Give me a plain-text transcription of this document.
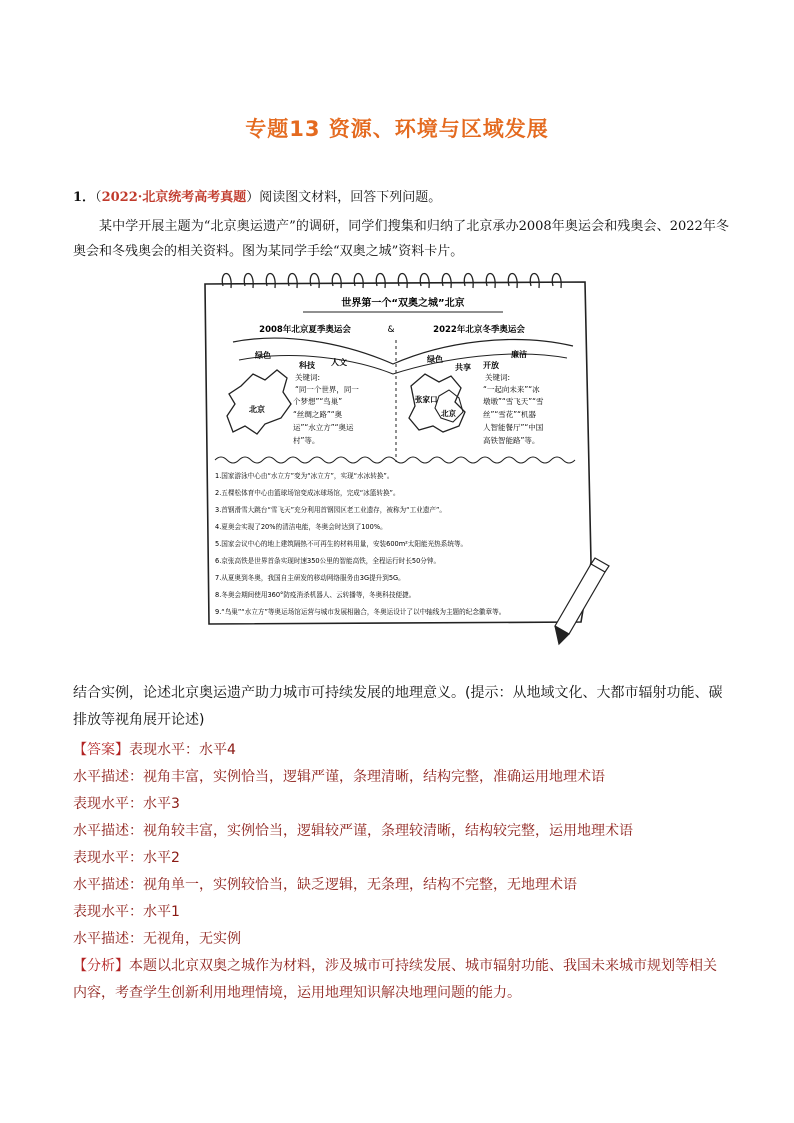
专题13 资源、环境与区域发展
1．（2022·北京统考高考真题）阅读图文材料，回答下列问题。
某中学开展主题为“北京奥运遗产”的调研，同学们搜集和归纳了北京承办2008年奥运会和残奥会、2022年冬奥会和冬残奥会的相关资料。图为某同学手绘“双奥之城”资料卡片。
世界第一个“双奥之城”北京
2008年北京夏季奥运会	&	2022年北京冬季奥运会
绿色
科技 人文	绿色
共享 开放
廉洁
北京
关键词:
“同一个世界，同一
个梦想”“鸟巢”
“丝绸之路”“奥
运”“水立方”“奥运
村”等。
张家口
北京
关键词:
“一起向未来”“冰
墩墩”“雪飞天”“雪
丝”“雪花”“机器
人智能餐厅”“中国
高铁智能路”等。
1.国家游泳中心由“水立方”变为“冰立方”，实现“水冰转换”。
2.五棵松体育中心由篮球场馆变成冰球场馆，完成“冰篮转换”。
3.首钢滑雪大跳台“雪飞天”充分利用首钢园区老工业遗存，被称为“工业遗产”。
4.夏奥会实现了20%的清洁电能，冬奥会时达到了100%。
5.国家会议中心的地上建筑隔热不可再生的材料用量，安装600m²太阳能光热系统等。
6.京张高铁是世界首条实现时速350公里的智能高铁，全程运行时长50分钟。
7.从夏奥到冬奥，我国自主研发的移动网络服务由3G提升到5G。
8.冬奥会期间使用360°防疫消杀机器人、云转播等，冬奥科技便捷。
9.“鸟巢”“水立方”等奥运场馆运营与城市发展相融合，冬奥运设计了以中轴线为主题的纪念徽章等。
结合实例，论述北京奥运遗产助力城市可持续发展的地理意义。(提示：从地域文化、大都市辐射功能、碳排放等视角展开论述)
【答案】表现水平：水平4
水平描述：视角丰富，实例恰当，逻辑严谨，条理清晰，结构完整，准确运用地理术语
表现水平：水平3
水平描述：视角较丰富，实例恰当，逻辑较严谨，条理较清晰，结构较完整，运用地理术语
表现水平：水平2
水平描述：视角单一，实例较恰当，缺乏逻辑，无条理，结构不完整，无地理术语
表现水平：水平1
水平描述：无视角，无实例
【分析】本题以北京双奥之城作为材料，涉及城市可持续发展、城市辐射功能、我国未来城市规划等相关内容，考查学生创新利用地理情境，运用地理知识解决地理问题的能力。
